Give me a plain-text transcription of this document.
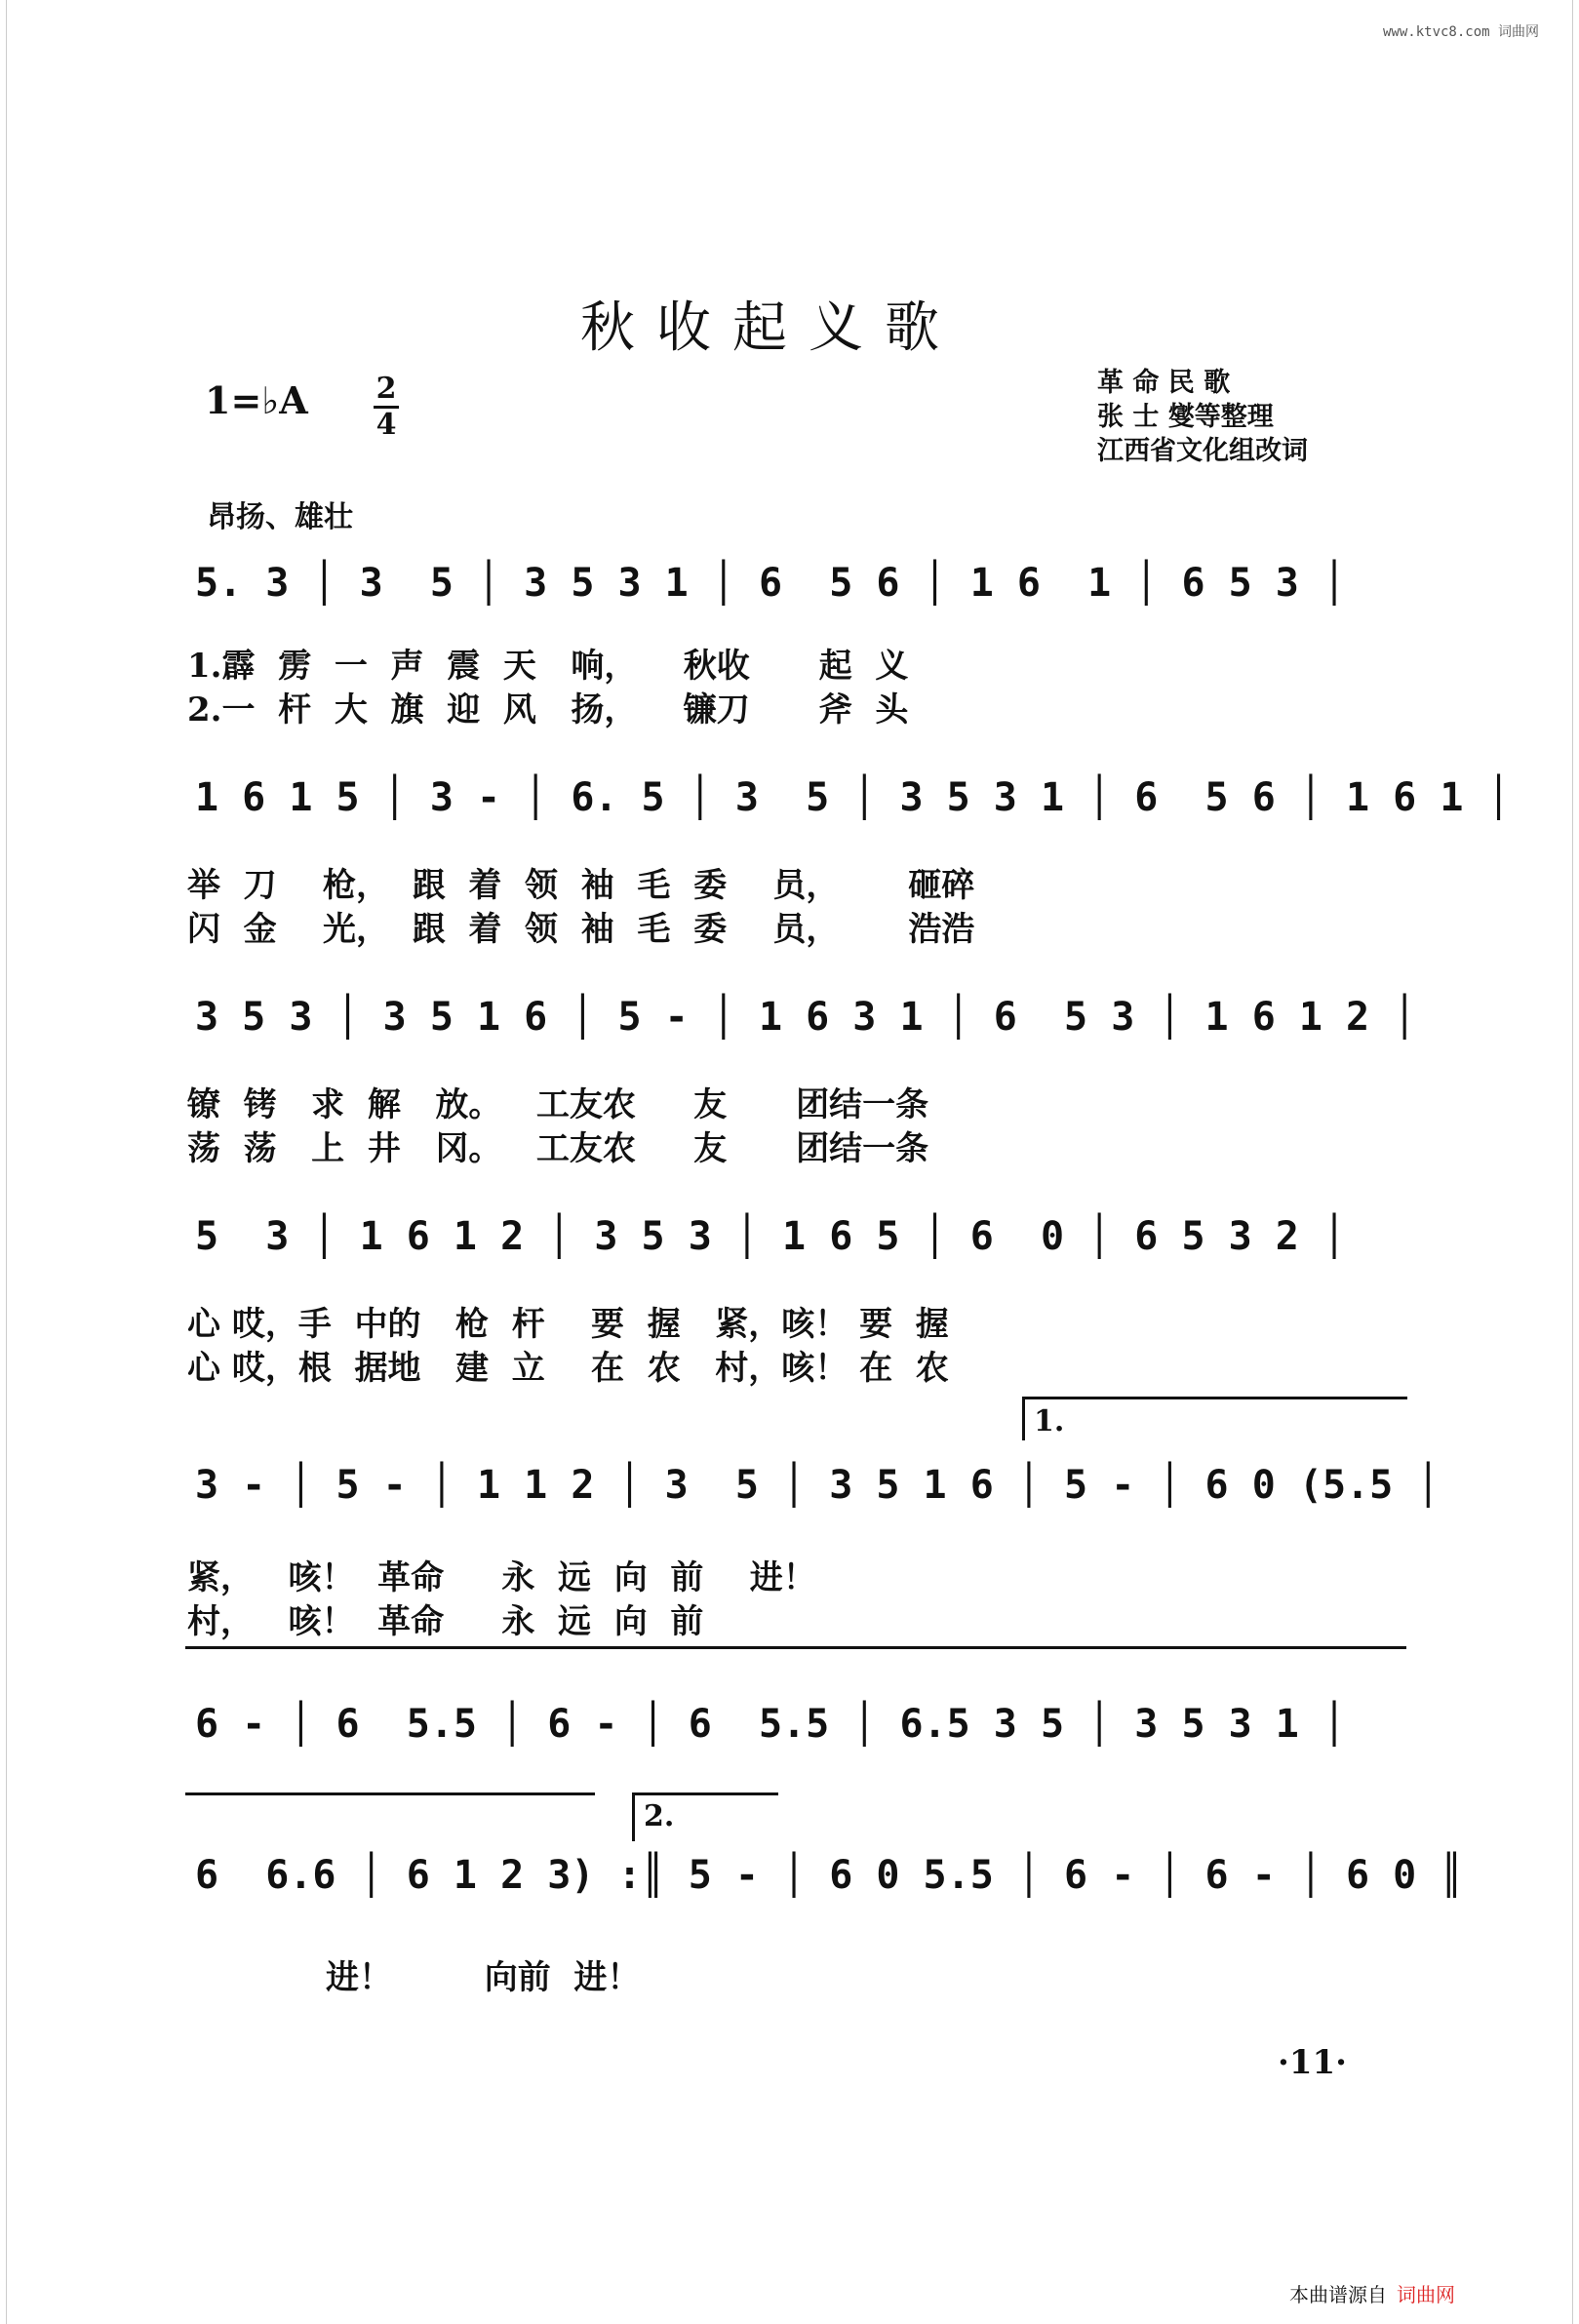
www.ktvc8.com 词曲网
秋收起义歌
革 命 民 歌
张 士 燮等整理
江西省文化组改词
1=♭A 2
4
昂扬、雄壮
5. 3 │ 3  5 │ 3 5 3 1 │ 6  5 6 │ 1 6  1 │ 6 5 3 │
1.霹  雳  一  声  震  天   响，    秋收      起  义
2.一  杆  大  旗  迎  风   扬，    镰刀      斧  头
1 6 1 5 │ 3 - │ 6. 5 │ 3  5 │ 3 5 3 1 │ 6  5 6 │ 1 6 1 │
举  刀    枪，  跟  着  领  袖  毛  委    员，      砸碎
闪  金    光，  跟  着  领  袖  毛  委    员，      浩浩
3 5 3 │ 3 5 1 6 │ 5 - │ 1 6 3 1 │ 6  5 3 │ 1 6 1 2 │
镣  铐   求  解   放。   工友农     友      团结一条
荡  荡   上  井   冈。   工友农     友      团结一条
5  3 │ 1 6 1 2 │ 3 5 3 │ 1 6 5 │ 6  0 │ 6 5 3 2 │
心 哎，手  中的   枪  杆    要  握   紧，咳！ 要  握
心 哎，根  据地   建  立    在  农   村，咳！ 在  农
1.
3 - │ 5 - │ 1 1 2 │ 3  5 │ 3 5 1 6 │ 5 - │ 6 0 (5.5 │
紧，   咳！  革命     永  远  向  前    进！
村，   咳！  革命     永  远  向  前
6 - │ 6  5.5 │ 6 - │ 6  5.5 │ 6.5 3 5 │ 3 5 3 1 │
2.
6  6.6 │ 6 1 2 3) :║ 5 - │ 6 0 5.5 │ 6 - │ 6 - │ 6 0 ║
进！        向前  进！
·11·
本曲谱源自 词曲网
